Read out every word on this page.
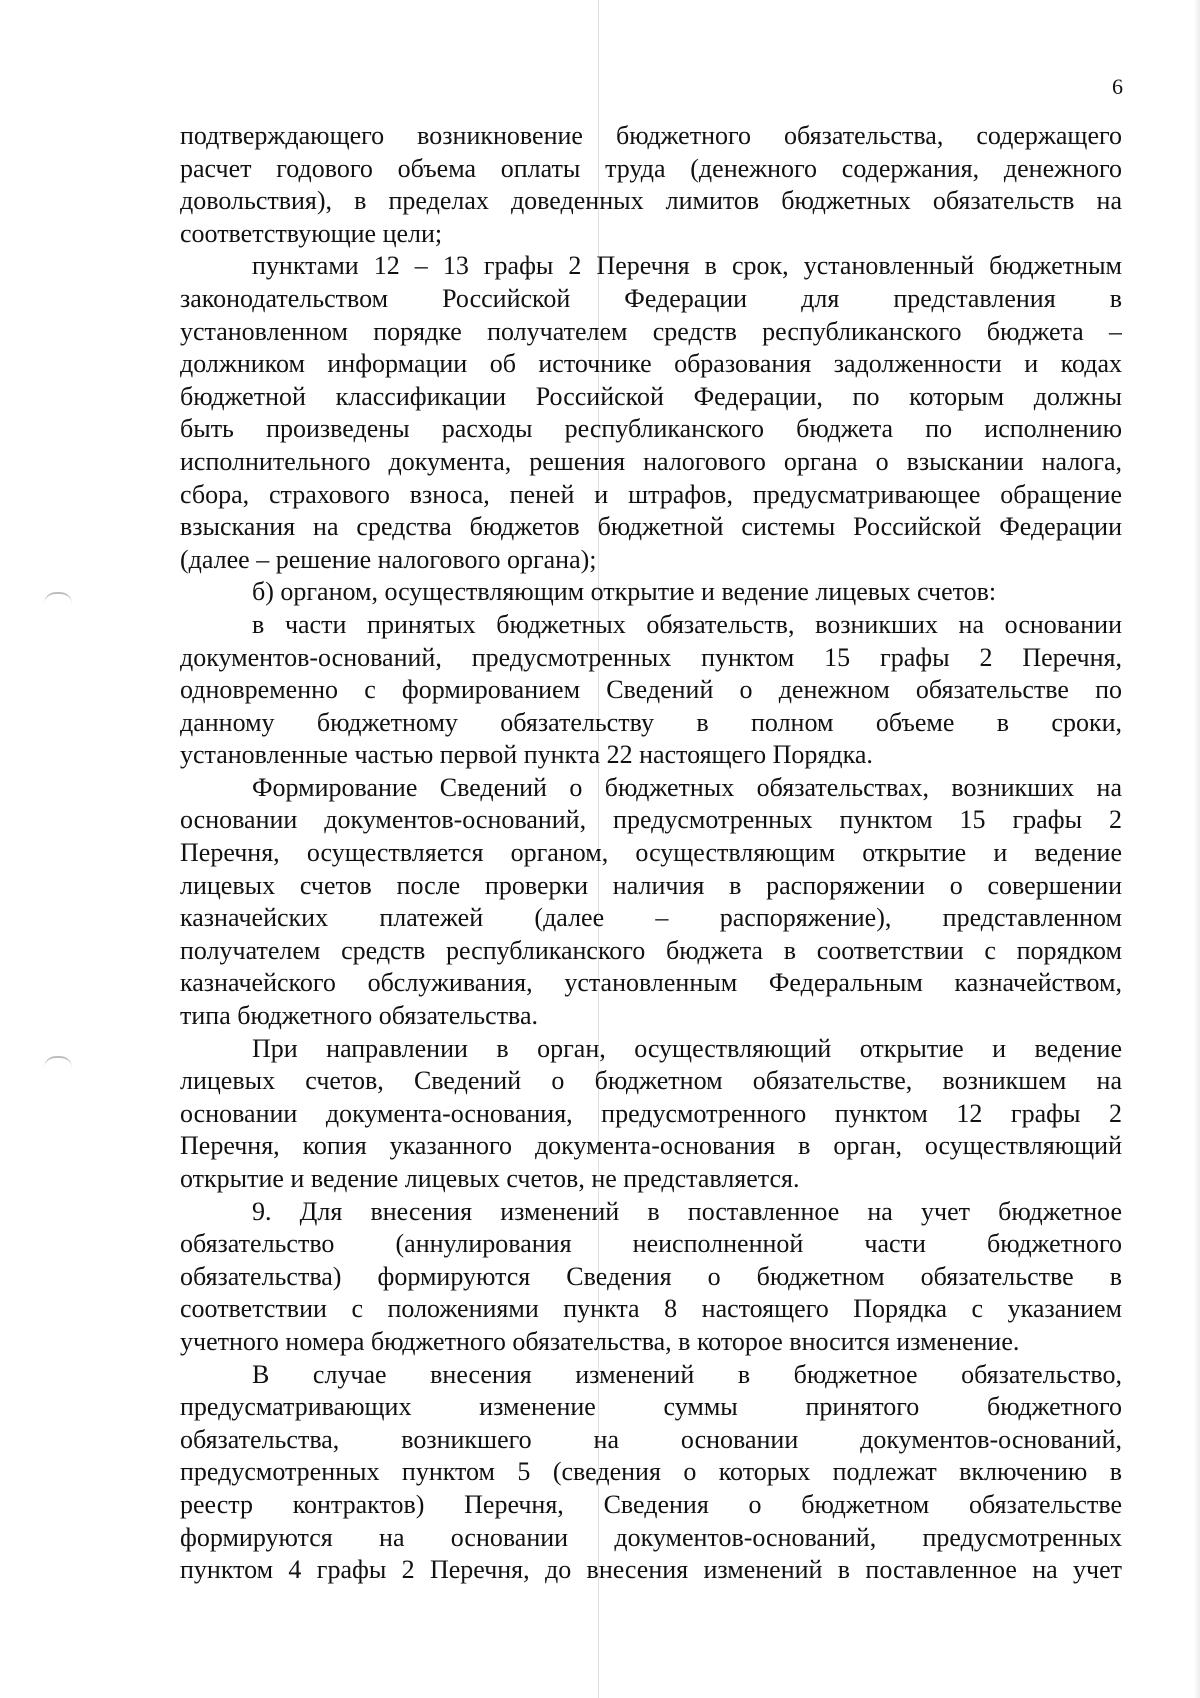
6
подтверждающего возникновение бюджетного обязательства, содержащего
расчет годового объема оплаты труда (денежного содержания, денежного
довольствия), в пределах доведенных лимитов бюджетных обязательств на
соответствующие цели;
пунктами 12 – 13 графы 2 Перечня в срок, установленный бюджетным
законодательством Российской Федерации для представления в
установленном порядке получателем средств республиканского бюджета –
должником информации об источнике образования задолженности и кодах
бюджетной классификации Российской Федерации, по которым должны
быть произведены расходы республиканского бюджета по исполнению
исполнительного документа, решения налогового органа о взыскании налога,
сбора, страхового взноса, пеней и штрафов, предусматривающее обращение
взыскания на средства бюджетов бюджетной системы Российской Федерации
(далее – решение налогового органа);
б) органом, осуществляющим открытие и ведение лицевых счетов:
в части принятых бюджетных обязательств, возникших на основании
документов-оснований, предусмотренных пунктом 15 графы 2 Перечня,
одновременно с формированием Сведений о денежном обязательстве по
данному бюджетному обязательству в полном объеме в сроки,
установленные частью первой пункта 22 настоящего Порядка.
Формирование Сведений о бюджетных обязательствах, возникших на
основании документов-оснований, предусмотренных пунктом 15 графы 2
Перечня, осуществляется органом, осуществляющим открытие и ведение
лицевых счетов после проверки наличия в распоряжении о совершении
казначейских платежей (далее – распоряжение), представленном
получателем средств республиканского бюджета в соответствии с порядком
казначейского обслуживания, установленным Федеральным казначейством,
типа бюджетного обязательства.
При направлении в орган, осуществляющий открытие и ведение
лицевых счетов, Сведений о бюджетном обязательстве, возникшем на
основании документа-основания, предусмотренного пунктом 12 графы 2
Перечня, копия указанного документа-основания в орган, осуществляющий
открытие и ведение лицевых счетов, не представляется.
9. Для внесения изменений в поставленное на учет бюджетное
обязательство (аннулирования неисполненной части бюджетного
обязательства) формируются Сведения о бюджетном обязательстве в
соответствии с положениями пункта 8 настоящего Порядка с указанием
учетного номера бюджетного обязательства, в которое вносится изменение.
В случае внесения изменений в бюджетное обязательство,
предусматривающих изменение суммы принятого бюджетного
обязательства, возникшего на основании документов-оснований,
предусмотренных пунктом 5 (сведения о которых подлежат включению в
реестр контрактов) Перечня, Сведения о бюджетном обязательстве
формируются на основании документов-оснований, предусмотренных
пунктом 4 графы 2 Перечня, до внесения изменений в поставленное на учет
